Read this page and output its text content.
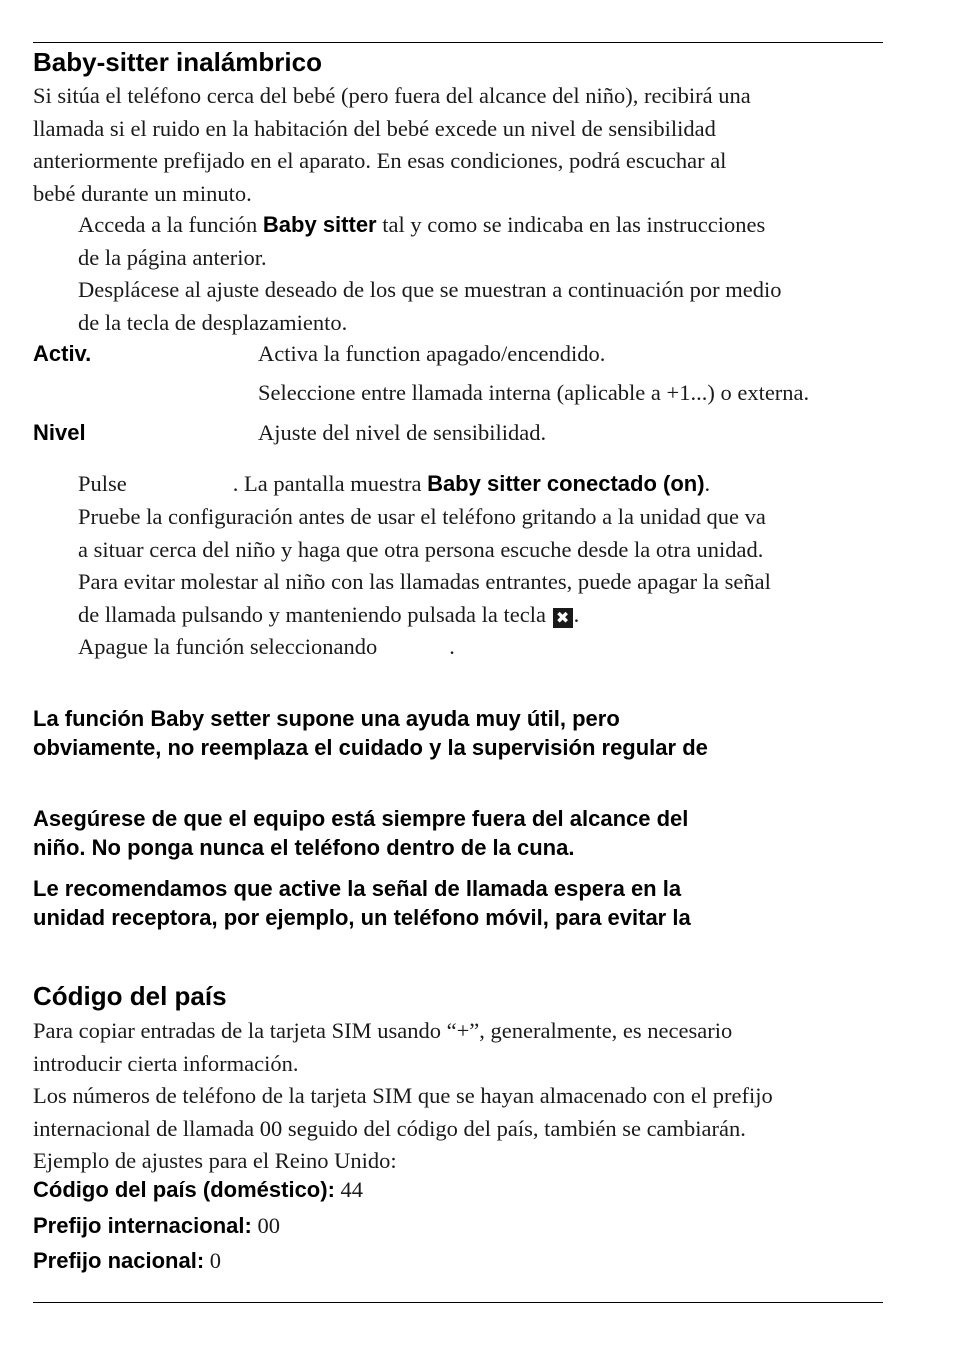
Baby-sitter inalámbrico
Si sitúa el teléfono cerca del bebé (pero fuera del alcance del niño), recibirá una
llamada si el ruido en la habitación del bebé excede un nivel de sensibilidad
anteriormente prefijado en el aparato. En esas condiciones, podrá escuchar al
bebé durante un minuto.
Acceda a la función Baby sitter tal y como se indicaba en las instrucciones
de la página anterior.
Desplácese al ajuste deseado de los que se muestran a continuación por medio
de la tecla de desplazamiento.
Activ.	Activa la function apagado/encendido.
Seleccione entre llamada interna (aplicable a +1...) o externa.
Nivel	Ajuste del nivel de sensibilidad.
Pulse	. La pantalla muestra Baby sitter conectado (on).
Pruebe la configuración antes de usar el teléfono gritando a la unidad que va
a situar cerca del niño y haga que otra persona escuche desde la otra unidad.
Para evitar molestar al niño con las llamadas entrantes, puede apagar la señal
de llamada pulsando y manteniendo pulsada la tecla ✖ .
Apague la función seleccionando	.
La función Baby setter supone una ayuda muy útil, pero
obviamente, no reemplaza el cuidado y la supervisión regular de
Asegúrese de que el equipo está siempre fuera del alcance del
niño. No ponga nunca el teléfono dentro de la cuna.
Le recomendamos que active la señal de llamada espera en la
unidad receptora, por ejemplo, un teléfono móvil, para evitar la
Código del país
Para copiar entradas de la tarjeta SIM usando “+”, generalmente, es necesario
introducir cierta información.
Los números de teléfono de la tarjeta SIM que se hayan almacenado con el prefijo
internacional de llamada 00 seguido del código del país, también se cambiarán.
Ejemplo de ajustes para el Reino Unido:
Código del país (doméstico): 44
Prefijo internacional: 00
Prefijo nacional: 0
